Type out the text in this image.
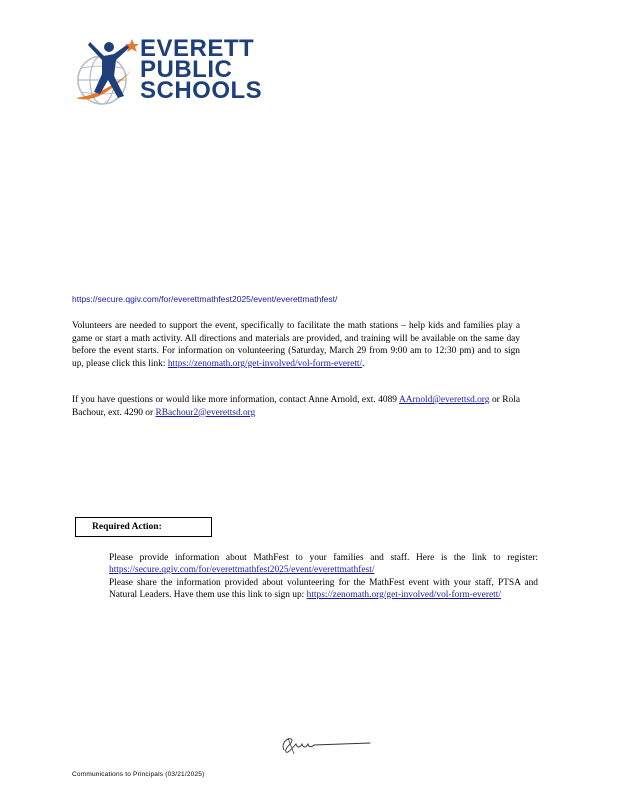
EVERETT
PUBLIC
SCHOOLS
https://secure.qgiv.com/for/everettmathfest2025/event/everettmathfest/
Volunteers are needed to support the event, specifically to facilitate the math stations – help kids and families play a game or start a math activity. All directions and materials are provided, and training will be available on the same day before the event starts. For information on volunteering (Saturday, March 29 from 9:00 am to 12:30 pm) and to sign up, please click this link: https://zenomath.org/get-involved/vol-form-everett/.
If you have questions or would like more information, contact Anne Arnold, ext. 4089 AArnold@everettsd.org or Rola Bachour, ext. 4290 or RBachour2@everettsd.org
Required Action:
Please provide information about MathFest to your families and staff. Here is the link to register: https://secure.qgiv.com/for/everettmathfest2025/event/everettmathfest/
Please share the information provided about volunteering for the MathFest event with your staff, PTSA and Natural Leaders. Have them use this link to sign up: https://zenomath.org/get-involved/vol-form-everett/
Communications to Principals (03/21/2025)
